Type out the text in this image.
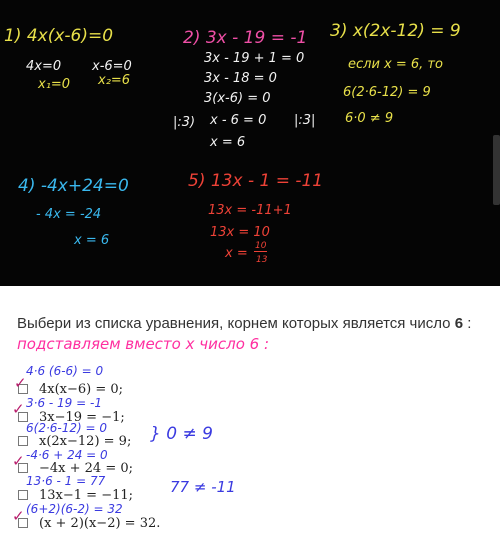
1) 4x(x-6)=0
4x=0 x-6=0
x₁=0 x₂=6
2) 3x - 19 = -1
3x - 19 + 1 = 0
3x - 18 = 0
3(x-6) = 0
|:3) x - 6 = 0 |:3|
x = 6
3) x(2x-12) = 9
если x = 6, то
6(2·6-12) = 9
6·0 ≠ 9
4) -4x+24=0
- 4x = -24
x = 6
5) 13x - 1 = -11
13x = -11+1
13x = 10
x = 10
13
Выбери из списка уравнения, корнем которых является число 6 : подставляем вместо x число 6 :
4·6 (6-6) = 0
4x(x−6) = 0;
✓
3·6 - 19 = -1
3x−19 = −1;
✓
6(2·6-12) = 0
x(2x−12) = 9; } 0 ≠ 9
-4·6 + 24 = 0
−4x + 24 = 0;
✓
13·6 - 1 = 77
13x−1 = −11; 77 ≠ -11
(6+2)(6-2) = 32
(x + 2)(x−2) = 32.
✓
